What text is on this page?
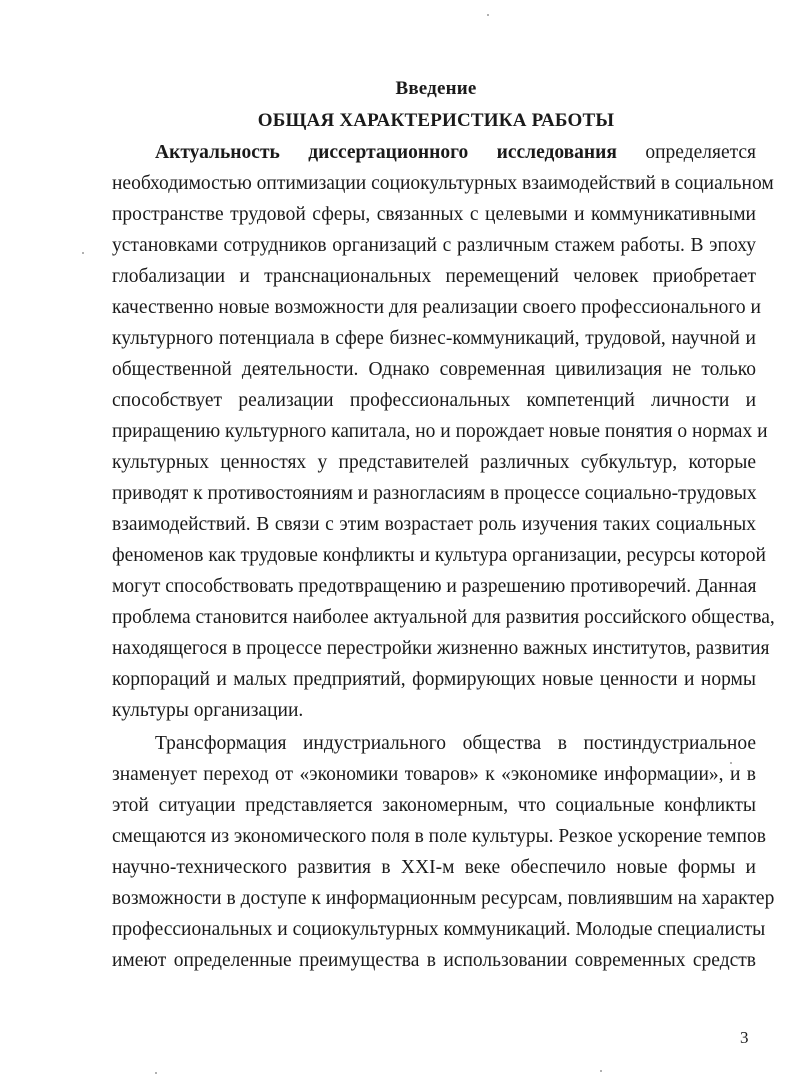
Введение
ОБЩАЯ ХАРАКТЕРИСТИКА РАБОТЫ
Актуальность диссертационного исследования определяется
необходимостью оптимизации социокультурных взаимодействий в социальном
пространстве трудовой сферы, связанных с целевыми и коммуникативными
установками сотрудников организаций с различным стажем работы. В эпоху
глобализации и транснациональных перемещений человек приобретает
качественно новые возможности для реализации своего профессионального и
культурного потенциала в сфере бизнес-коммуникаций, трудовой, научной и
общественной деятельности. Однако современная цивилизация не только
способствует реализации профессиональных компетенций личности и
приращению культурного капитала, но и порождает новые понятия о нормах и
культурных ценностях у представителей различных субкультур, которые
приводят к противостояниям и разногласиям в процессе социально-трудовых
взаимодействий. В связи с этим возрастает роль изучения таких социальных
феноменов как трудовые конфликты и культура организации, ресурсы которой
могут способствовать предотвращению и разрешению противоречий. Данная
проблема становится наиболее актуальной для развития российского общества,
находящегося в процессе перестройки жизненно важных институтов, развития
корпораций и малых предприятий, формирующих новые ценности и нормы
культуры организации.
Трансформация индустриального общества в постиндустриальное
знаменует переход от «экономики товаров» к «экономике информации», и в
этой ситуации представляется закономерным, что социальные конфликты
смещаются из экономического поля в поле культуры. Резкое ускорение темпов
научно-технического развития в XXI-м веке обеспечило новые формы и
возможности в доступе к информационным ресурсам, повлиявшим на характер
профессиональных и социокультурных коммуникаций. Молодые специалисты
имеют определенные преимущества в использовании современных средств
3
